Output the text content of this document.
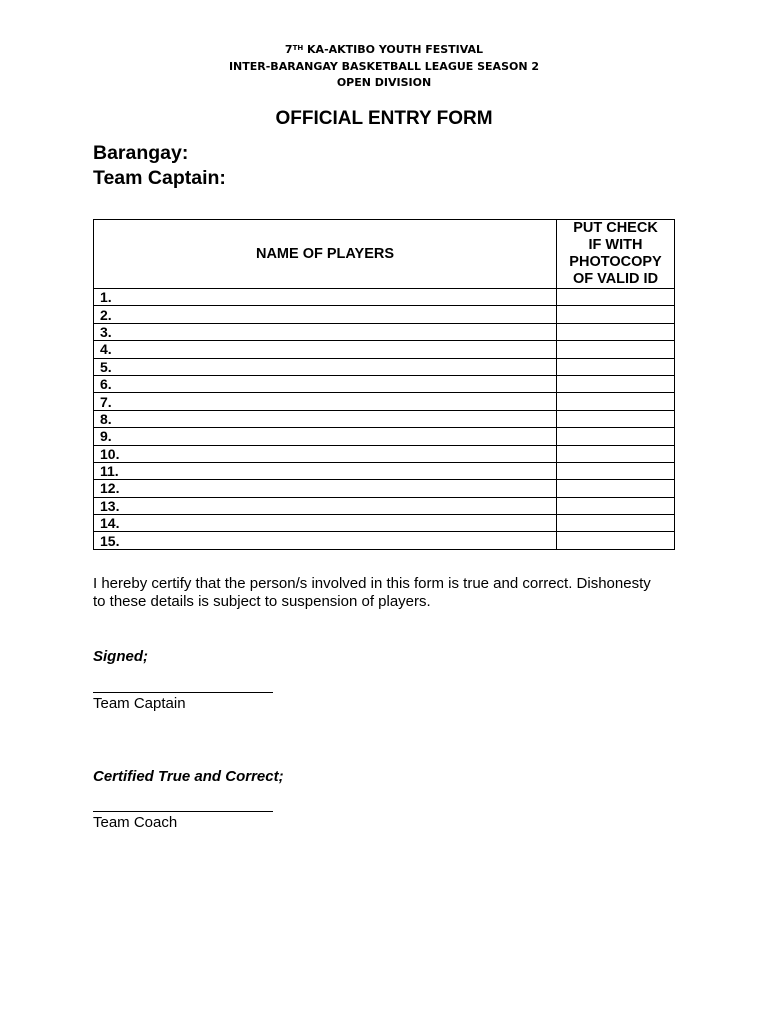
7TH KA-AKTIBO YOUTH FESTIVAL
INTER-BARANGAY BASKETBALL LEAGUE SEASON 2
OPEN DIVISION
OFFICIAL ENTRY FORM
Barangay:
Team Captain:
NAME OF PLAYERS	PUT CHECK
IF WITH
PHOTOCOPY
OF VALID ID

1.	
2.	
3.	
4.	
5.	
6.	
7.	
8.	
9.	
10.	
11.	
12.	
13.	
14.	
15.	
I hereby certify that the person/s involved in this form is true and correct. Dishonesty
to these details is subject to suspension of players.
Signed;
Team Captain
Certified True and Correct;
Team Coach
